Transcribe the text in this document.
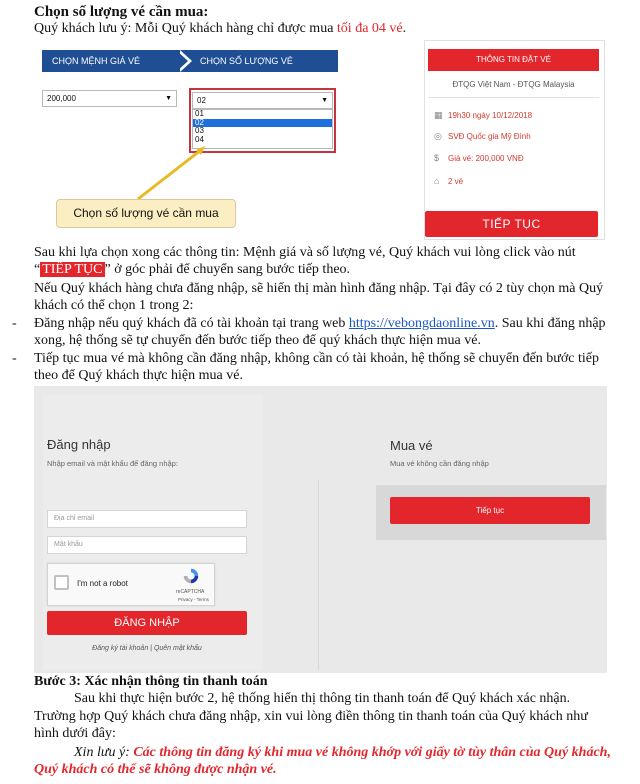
Chọn số lượng vé cần mua:
Quý khách lưu ý: Mỗi Quý khách hàng chỉ được mua tối đa 04 vé.
CHỌN MỆNH GIÁ VÉ	CHỌN SỐ LƯỢNG VÉ
200,000	▼	02	▼
01
02
03
04
Chọn số lượng vé cần mua
THÔNG TIN ĐẶT VÉ
ĐTQG Việt Nam - ĐTQG Malaysia
▦ 19h30 ngày 10/12/2018
◎ SVĐ Quốc gia Mỹ Đình
$ Giá vé: 200,000 VNĐ
⌂ 2 vé
TIẾP TỤC
Sau khi lựa chọn xong các thông tin: Mệnh giá và số lượng vé, Quý khách vui lòng click vào nút
“ TIẾP TỤC ” ở góc phải để chuyển sang bước tiếp theo.
Nếu Quý khách hàng chưa đăng nhập, sẽ hiển thị màn hình đăng nhập. Tại đây có 2 tùy chọn mà Quý
khách có thể chọn 1 trong 2:
- Đăng nhập nếu quý khách đã có tài khoản tại trang web https://vebongdaonline.vn. Sau khi đăng nhập
xong, hệ thống sẽ tự chuyển đến bước tiếp theo để quý khách thực hiện mua vé.
- Tiếp tục mua vé mà không cần đăng nhập, không cần có tài khoản, hệ thống sẽ chuyển đến bước tiếp
theo để Quý khách thực hiện mua vé.
Đăng nhập
Nhập email và mật khẩu để đăng nhập:
Địa chỉ email
Mật khẩu
I'm not a robot
reCAPTCHA
Privacy - Terms
ĐĂNG NHẬP
Đăng ký tài khoản | Quên mật khẩu
Mua vé
Mua vé không cần đăng nhập
Tiếp tục
Bước 3: Xác nhận thông tin thanh toán
Sau khi thực hiện bước 2, hệ thống hiển thị thông tin thanh toán để Quý khách xác nhận.
Trường hợp Quý khách chưa đăng nhập, xin vui lòng điền thông tin thanh toán của Quý khách như
hình dưới đây:
Xin lưu ý: Các thông tin đăng ký khi mua vé không khớp với giấy tờ tùy thân của Quý khách,
Quý khách có thể sẽ không được nhận vé.
